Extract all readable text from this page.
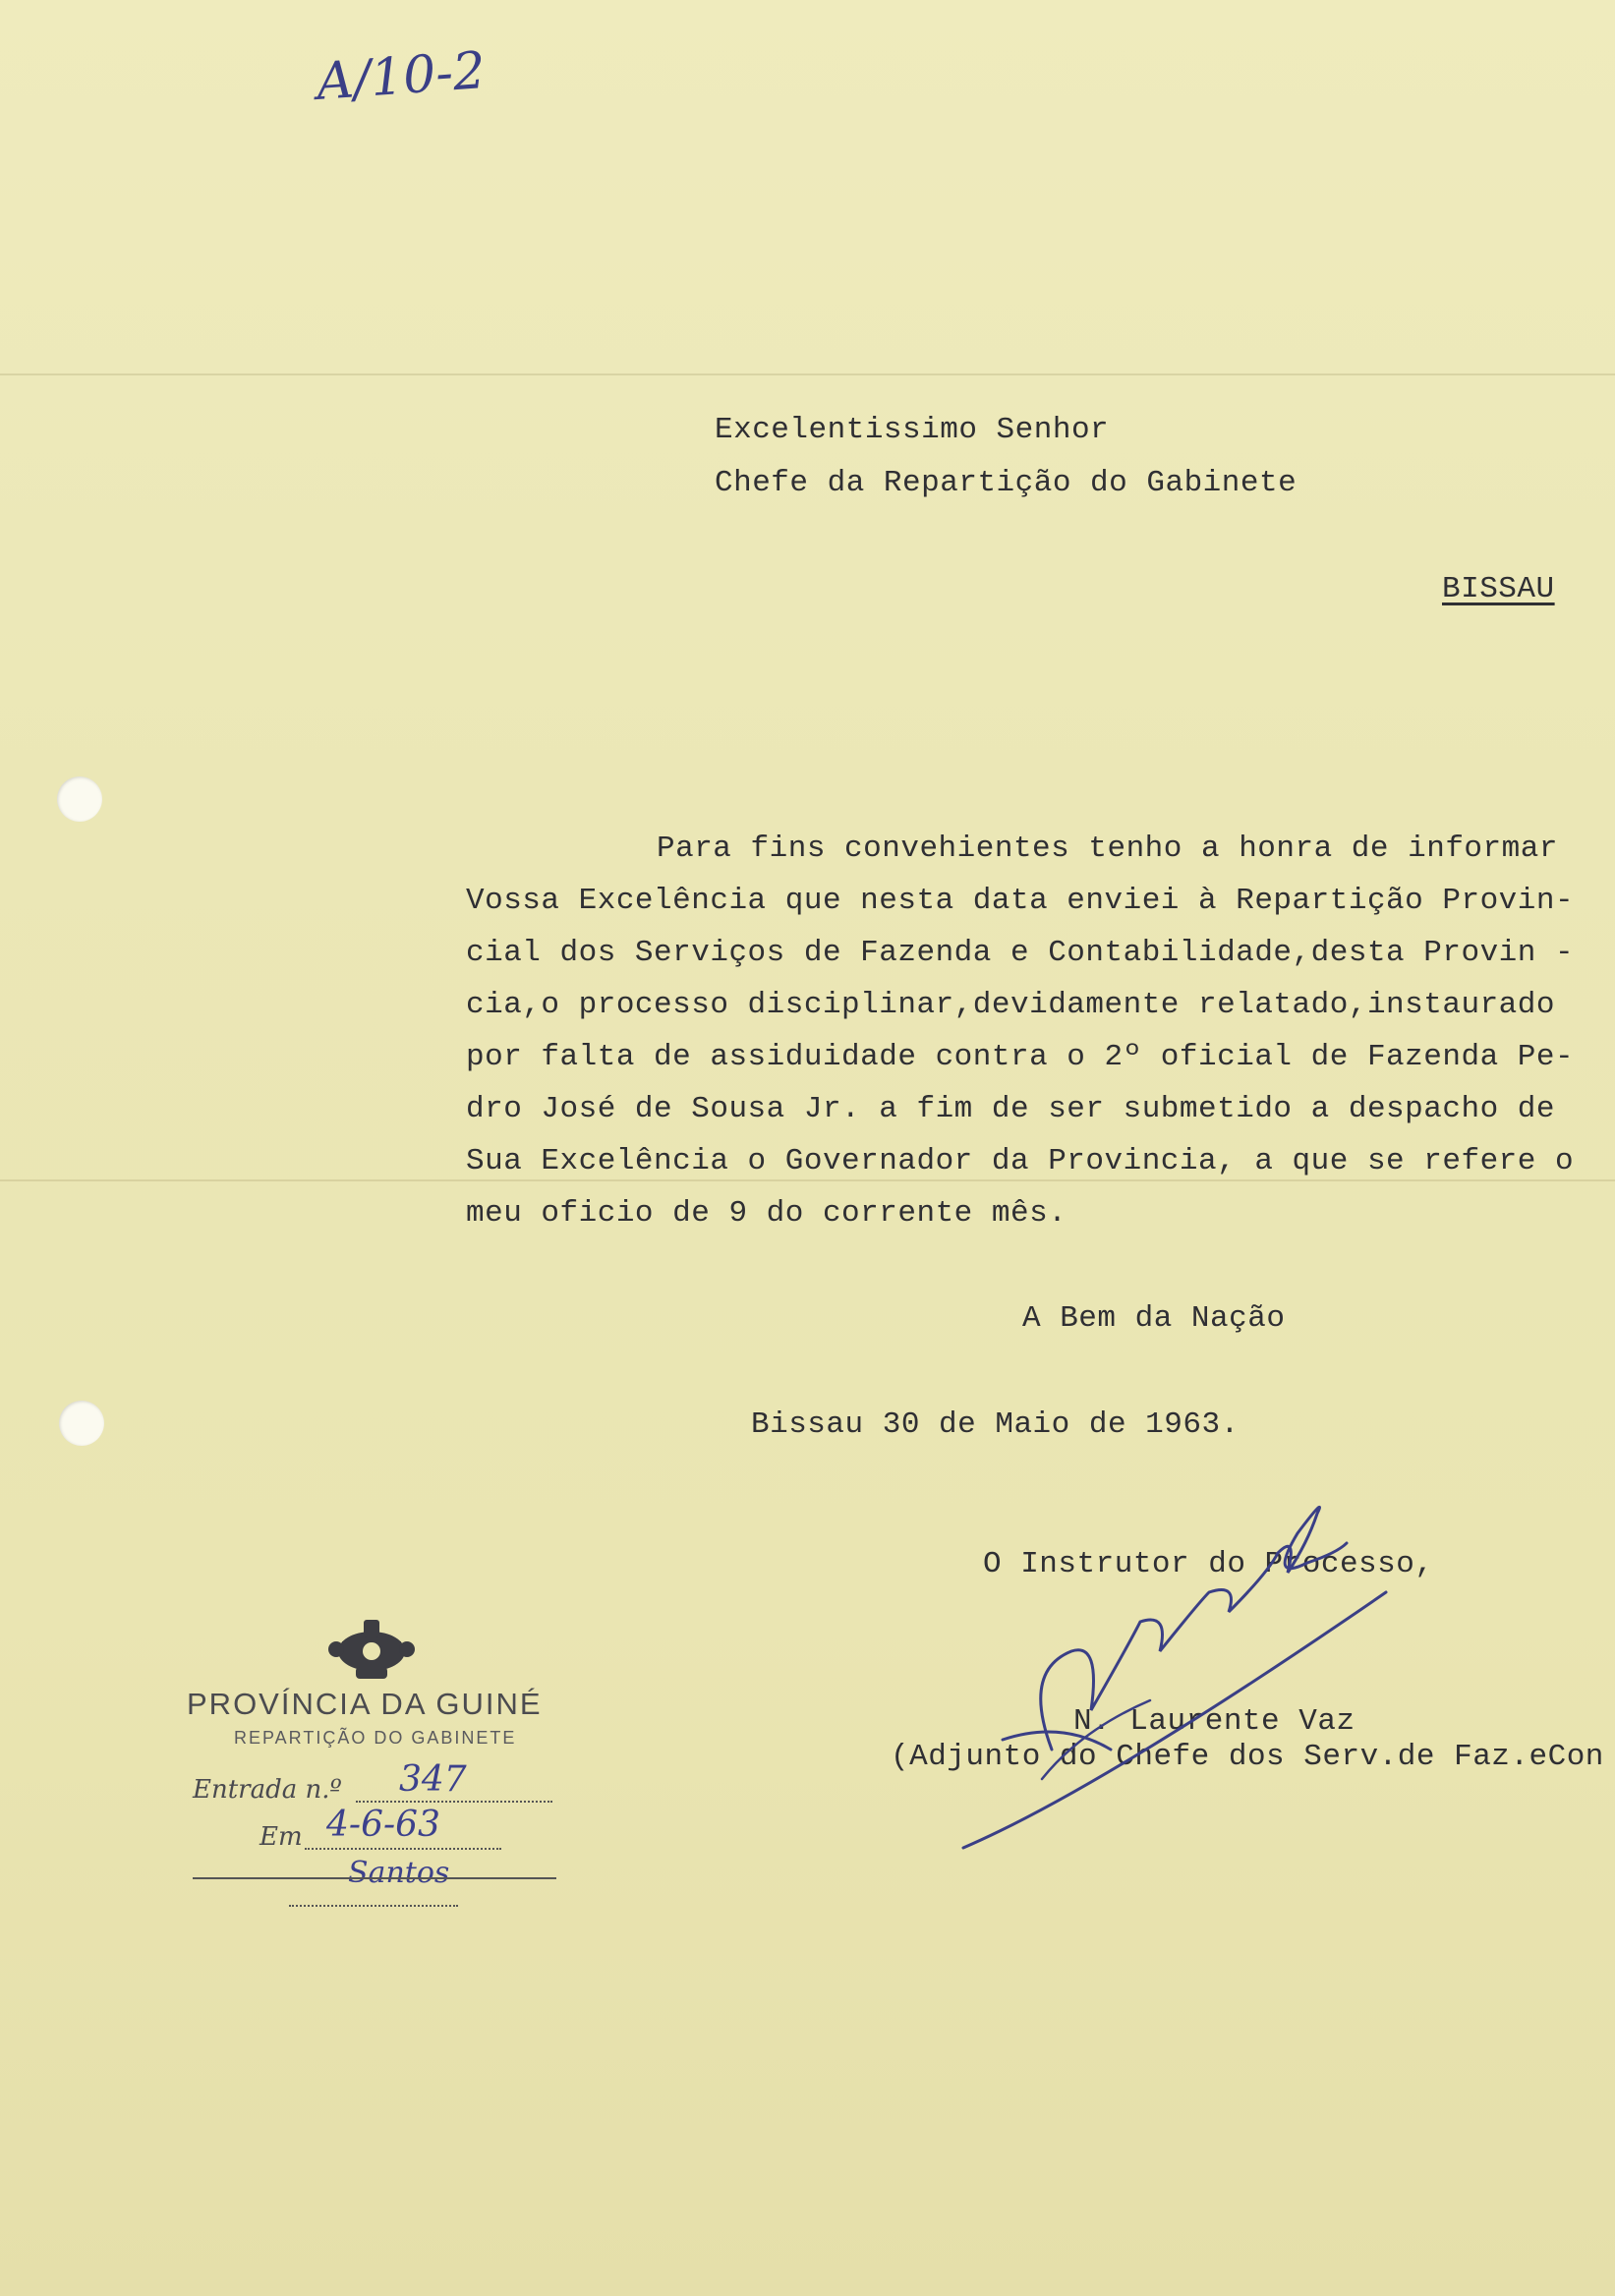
A/10-2
Excelentissimo Senhor
Chefe da Repartição do Gabinete
BISSAU
Para fins convehientes tenho a honra de informar
Vossa Excelência que nesta data enviei à Repartição Provin-
cial dos Serviços de Fazenda e Contabilidade,desta Provin -
cia,o processo disciplinar,devidamente relatado,instaurado
por falta de assiduidade contra o 2º oficial de Fazenda Pe-
dro José de Sousa Jr. a fim de ser submetido a despacho de
Sua Excelência o Governador da Provincia, a que se refere o
meu oficio de 9 do corrente mês.
A Bem da Nação
Bissau 30 de Maio de 1963.
O Instrutor do Processo,
N. Laurente Vaz
(Adjunto do Chefe dos Serv.de Faz.eCon
PROVÍNCIA DA GUINÉ
REPARTIÇÃO DO GABINETE
Entrada n.º 347
Em 4-6-63
Santos
